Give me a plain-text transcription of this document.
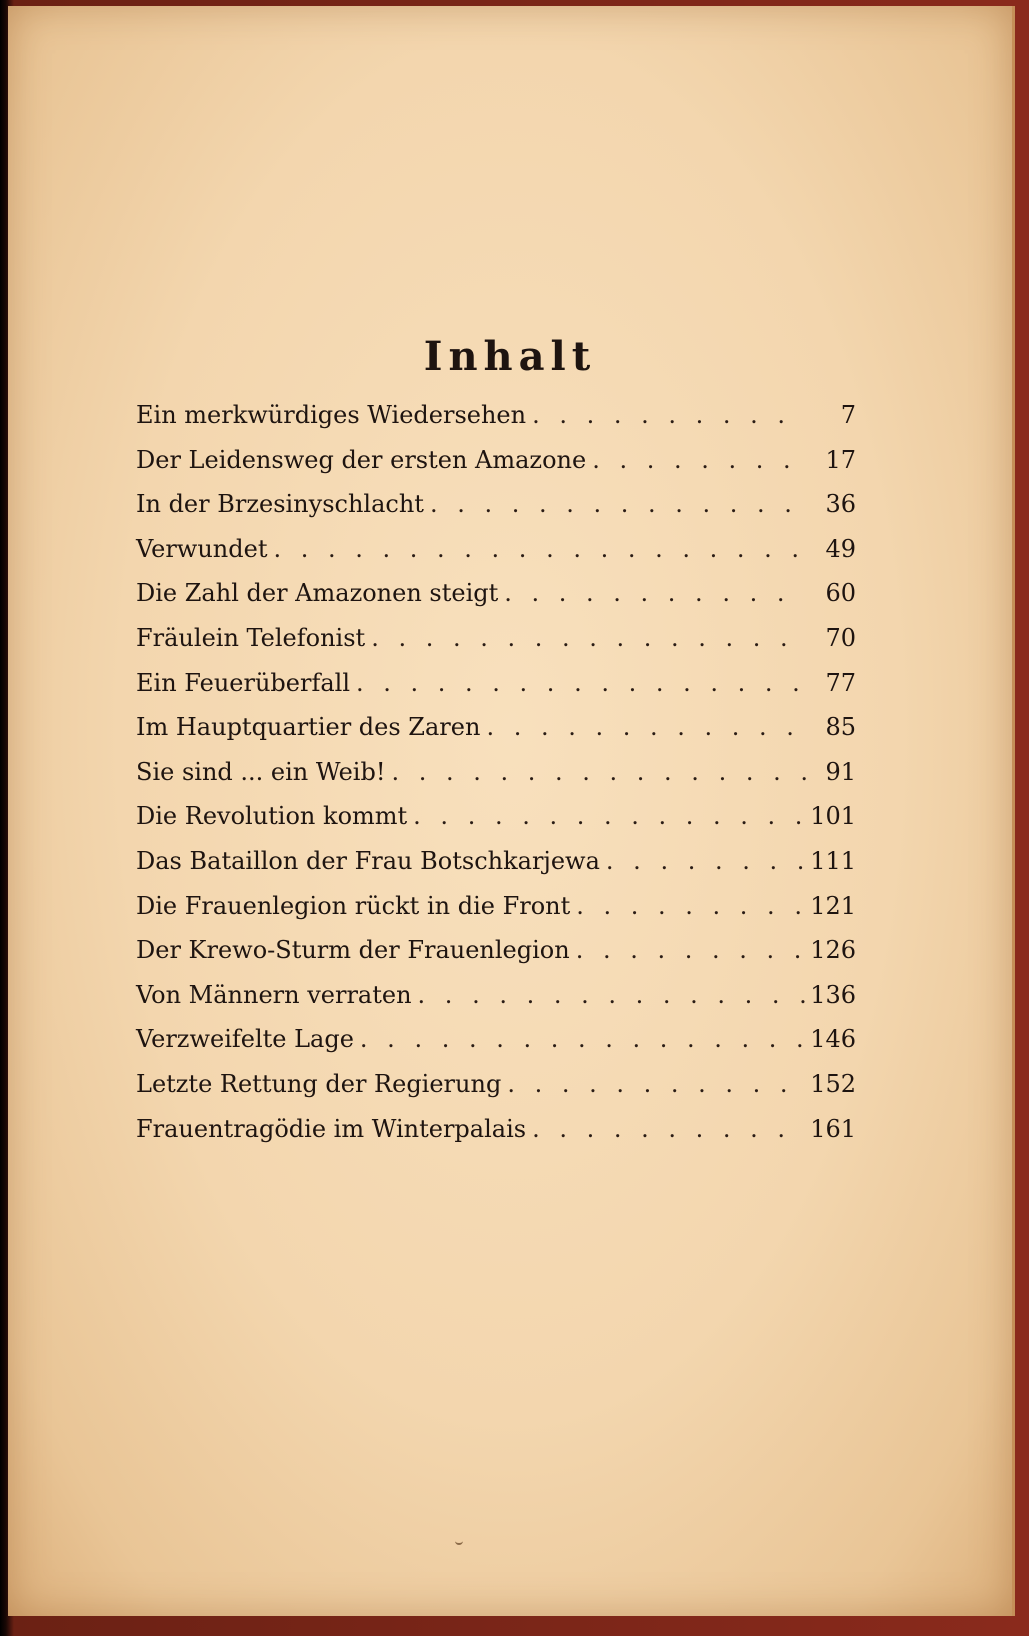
Inhalt
Ein merkwürdiges Wiedersehen . . .	7
Der Leidensweg der ersten Amazone . . .	17
In der Brzesinyschlacht . . .	36
Verwundet . . .	49
Die Zahl der Amazonen steigt . . .	60
Fräulein Telefonist . . .	70
Ein Feuerüberfall . . .	77
Im Hauptquartier des Zaren . . .	85
Sie sind ... ein Weib! . . .	91
Die Revolution kommt . . .	101
Das Bataillon der Frau Botschkarjewa . . .	111
Die Frauenlegion rückt in die Front . . .	121
Der Krewo-Sturm der Frauenlegion . . .	126
Von Männern verraten . . .	136
Verzweifelte Lage . . .	146
Letzte Rettung der Regierung . . .	152
Frauentragödie im Winterpalais . . .	161
